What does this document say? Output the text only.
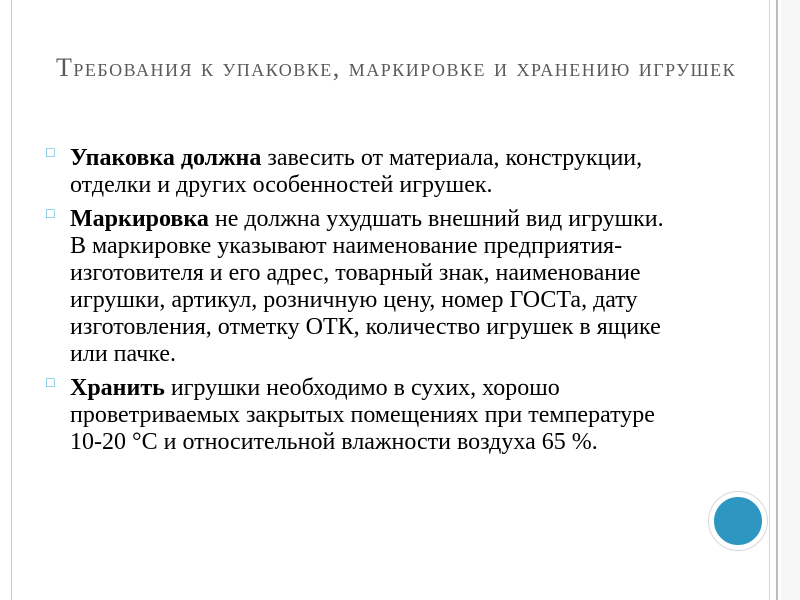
Требования к упаковке, маркировке и хранению игрушек
□ Упаковка должна завесить от материала, конструкции, отделки и других особенностей игрушек.
□ Маркировка не должна ухудшать внешний вид игрушки. В маркировке указывают наименование предприятия-изготовителя и его адрес, товарный знак, наименование игрушки, артикул, розничную цену, номер ГОСТа, дату изготовления, отметку ОТК, количество игрушек в ящике или пачке.
□ Хранить игрушки необходимо в сухих, хорошо проветриваемых закрытых помещениях при температуре 10-20 °С и относительной влажности воздуха 65 %.
